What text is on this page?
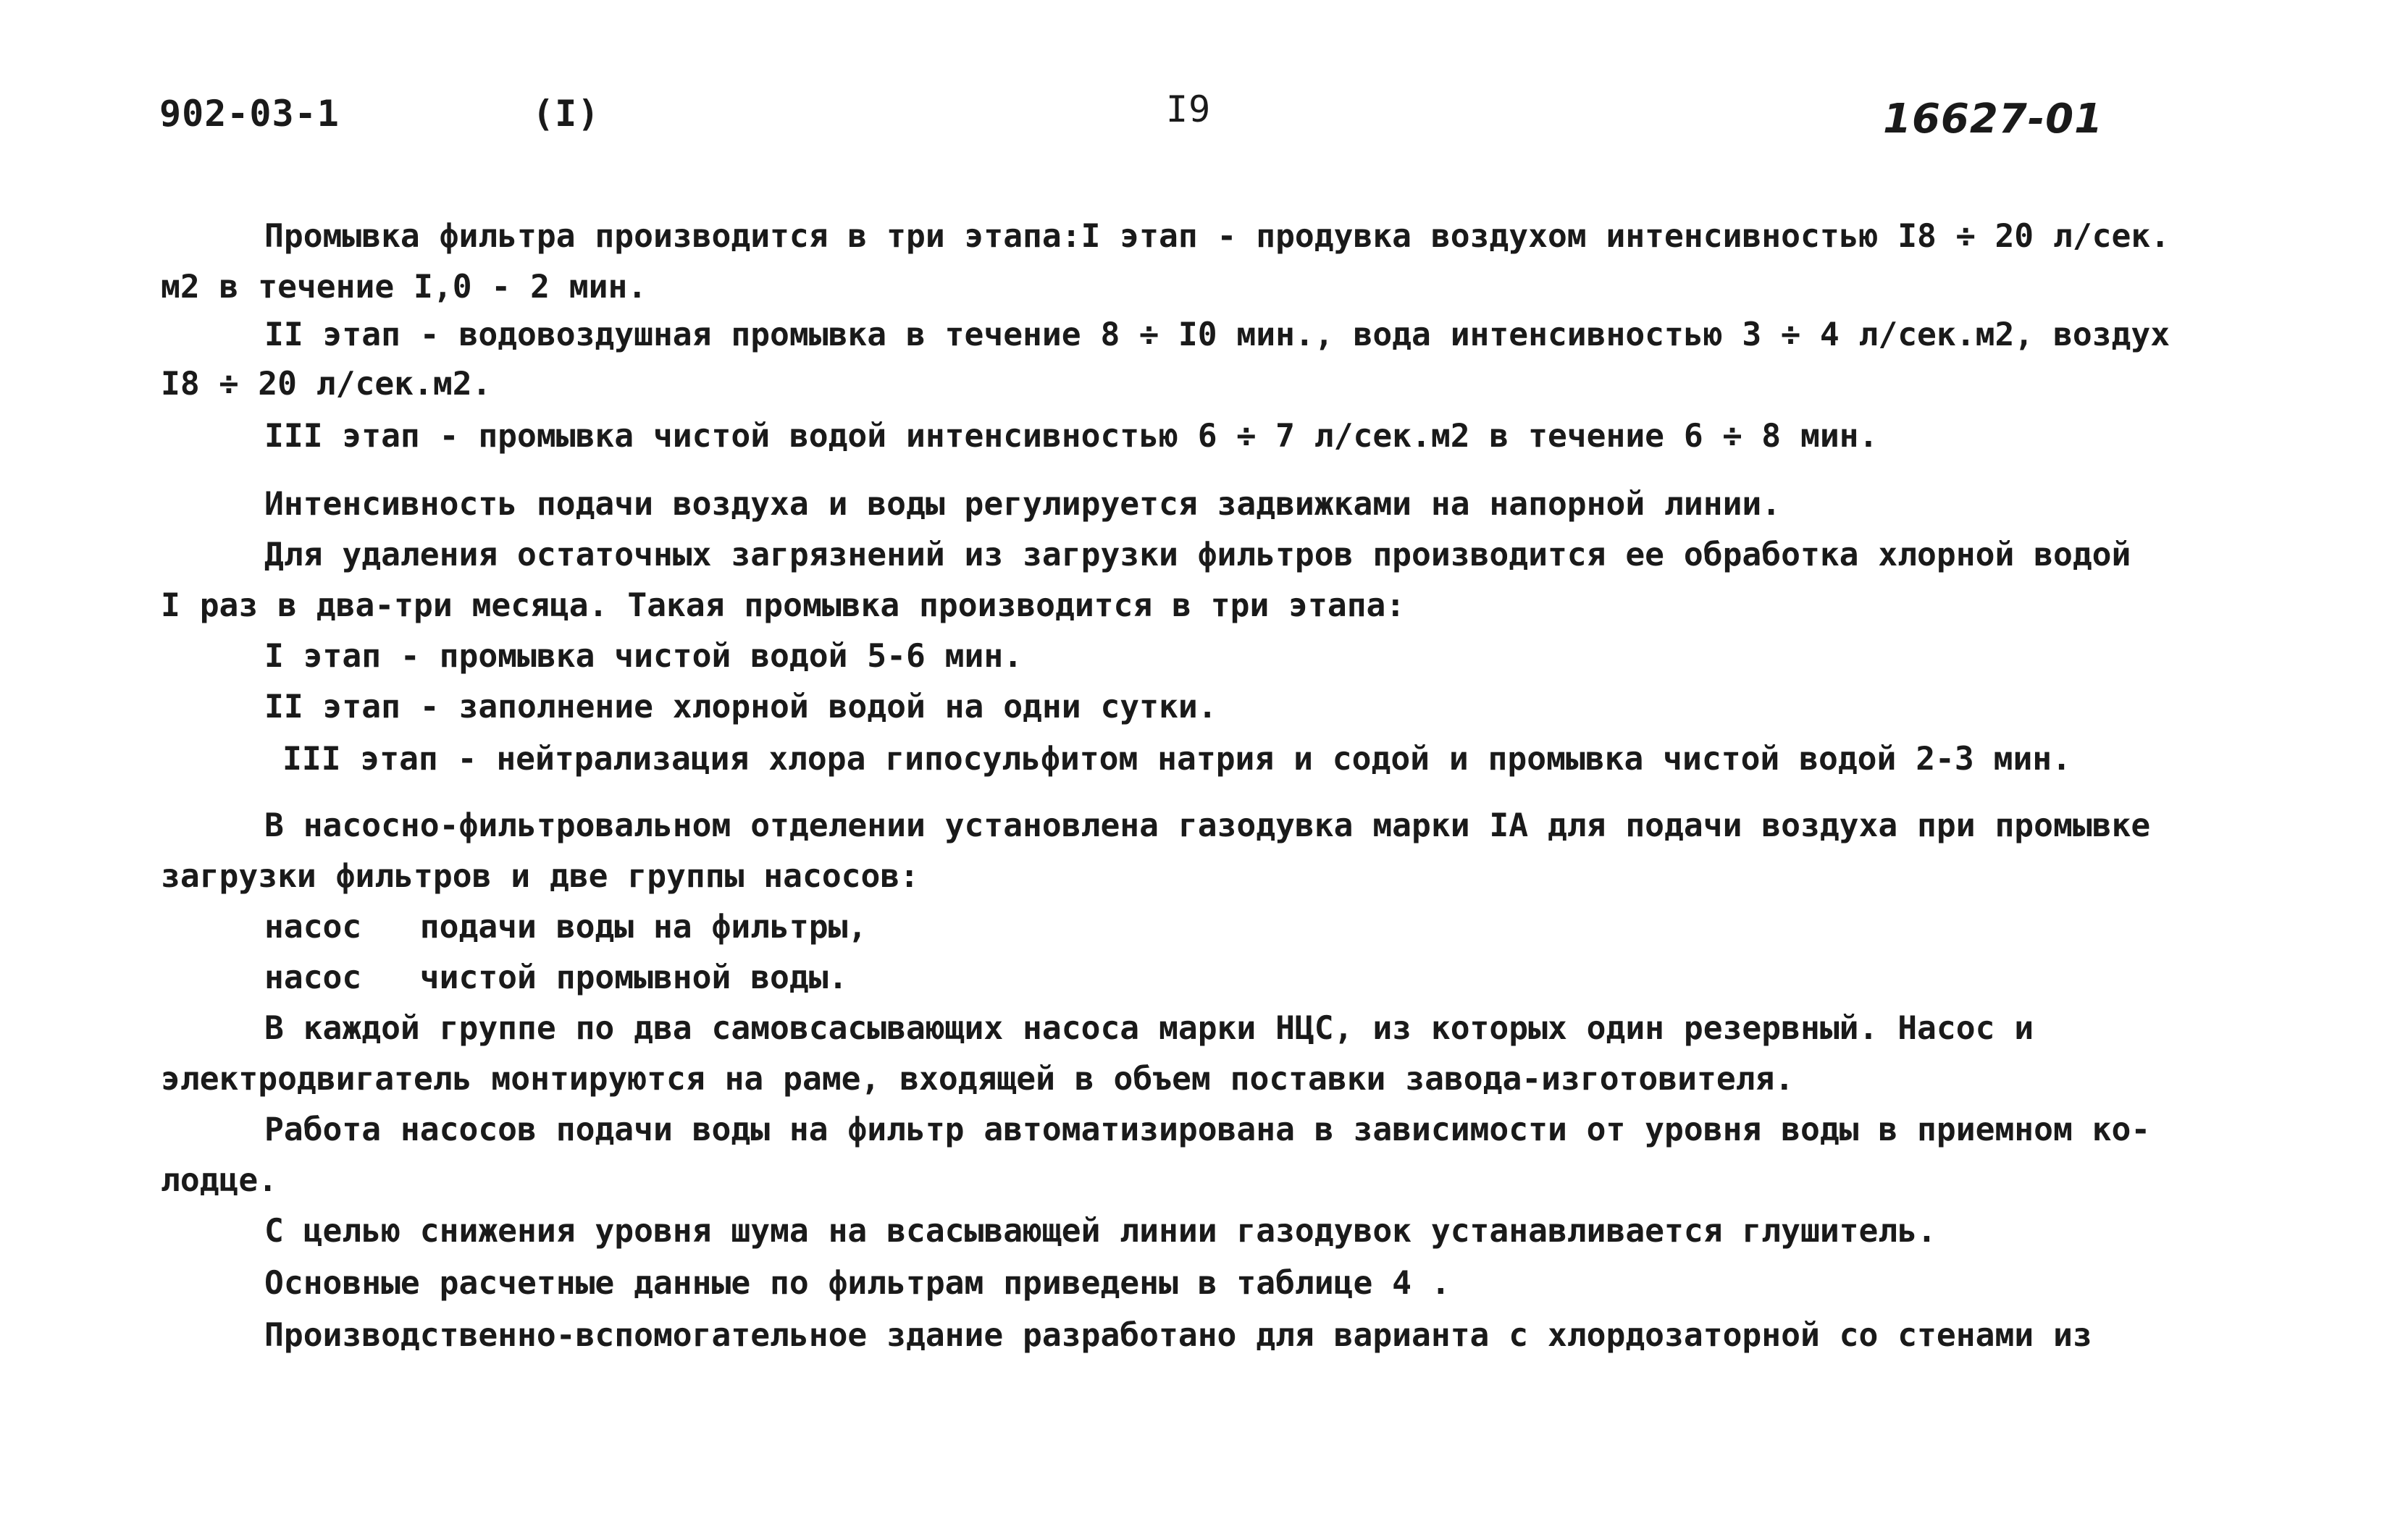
902-03-1	(I)	I9	16627-01
Промывка фильтра производится в три этапа:I этап - продувка воздухом интенсивностью I8 ÷ 20 л/сек.
м2 в течение I,0 - 2 мин.
II этап - водовоздушная промывка в течение 8 ÷ I0 мин., вода интенсивностью 3 ÷ 4 л/сек.м2, воздух
I8 ÷ 20 л/сек.м2.
III этап - промывка чистой водой интенсивностью 6 ÷ 7 л/сек.м2 в течение 6 ÷ 8 мин.
Интенсивность подачи воздуха и воды регулируется задвижками на напорной линии.
Для удаления остаточных загрязнений из загрузки фильтров производится ее обработка хлорной водой
I раз в два-три месяца. Такая промывка производится в три этапа:
I этап - промывка чистой водой 5-6 мин.
II этап - заполнение хлорной водой на одни сутки.
III этап - нейтрализация хлора гипосульфитом натрия и содой и промывка чистой водой 2-3 мин.
В насосно-фильтровальном отделении установлена газодувка марки IА для подачи воздуха при промывке
загрузки фильтров и две группы насосов:
насос   подачи воды на фильтры,
насос   чистой промывной воды.
В каждой группе по два самовсасывающих насоса марки НЦС, из которых один резервный. Насос и
электродвигатель монтируются на раме, входящей в объем поставки завода-изготовителя.
Работа насосов подачи воды на фильтр автоматизирована в зависимости от уровня воды в приемном ко-
лодце.
С целью снижения уровня шума на всасывающей линии газодувок устанавливается глушитель.
Основные расчетные данные по фильтрам приведены в таблице 4 .
Производственно-вспомогательное здание разработано для варианта с хлордозаторной со стенами из
